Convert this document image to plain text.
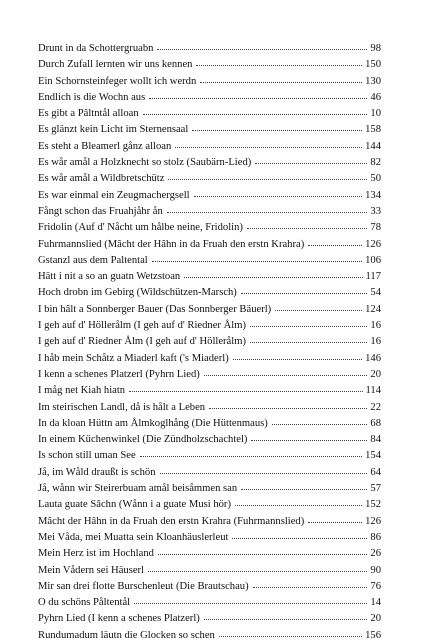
Drunt in da Schottergruabn	98
Durch Zufall lernten wir uns kennen	150
Ein Schornsteinfeger wollt ich werdn	130
Endlich is die Wochn aus	46
Es gibt a Pâltntål alloan	10
Es glänzt kein Licht im Sternensaal	158
Es steht a Bleamerl gånz alloan	144
Es wår amål a Holzknecht so stolz (Saubärn-Lied)	82
Es wår amål a Wildbretschütz	50
Es war einmal ein Zeugmachergsell	134
Fångt schon das Fruahjåhr ån	33
Fridolin (Auf d' Nåcht um hålbe neine, Fridolin)	78
Fuhrmannslied (Mâcht der Hâhn in da Fruah den erstn Krahra)	126
Gstanzl aus dem Paltental	106
Hätt i nit a so an guatn Wetzstoan	117
Hoch drobn im Gebirg (Wildschützen-Marsch)	54
I bin hâlt a Sonnberger Bauer (Das Sonnberger Bäuerl)	124
I geh auf d' Höllerålm (I geh auf d' Riedner Ålm)	16
I geh auf d' Riedner Ålm (I geh auf d' Höllerålm)	16
I håb mein Schåtz a Miaderl kaft ('s Miaderl)	146
I kenn a schenes Platzerl (Pyhrn Lied)	20
I måg net Kiah hiatn	114
Im steirischen Landl, då is hålt a Leben	22
In da kloan Hüttn am Ålmkoglhång (Die Hüttenmaus)	68
In einem Küchenwinkel (Die Zündholzschachtel)	84
Is schon still uman See	154
Jå, im Wåld draußt is schön	64
Jå, wånn wir Steirerbuam amål beisåmmen san	57
Lauta guate Sâchn (Wånn i a guate Musi hör)	152
Mâcht der Hâhn in da Fruah den erstn Krahra (Fuhrmannslied)	126
Mei Våda, mei Muatta sein Kloanhäuslerleut	86
Mein Herz ist im Hochland	26
Mein Vådern sei Häuserl	90
Mir san drei flotte Burschenleut (Die Brautschau)	76
O du schöns Påltentål	14
Pyhrn Lied (I kenn a schenes Platzerl)	20
Rundumadum läutn die Glocken so schen	156
